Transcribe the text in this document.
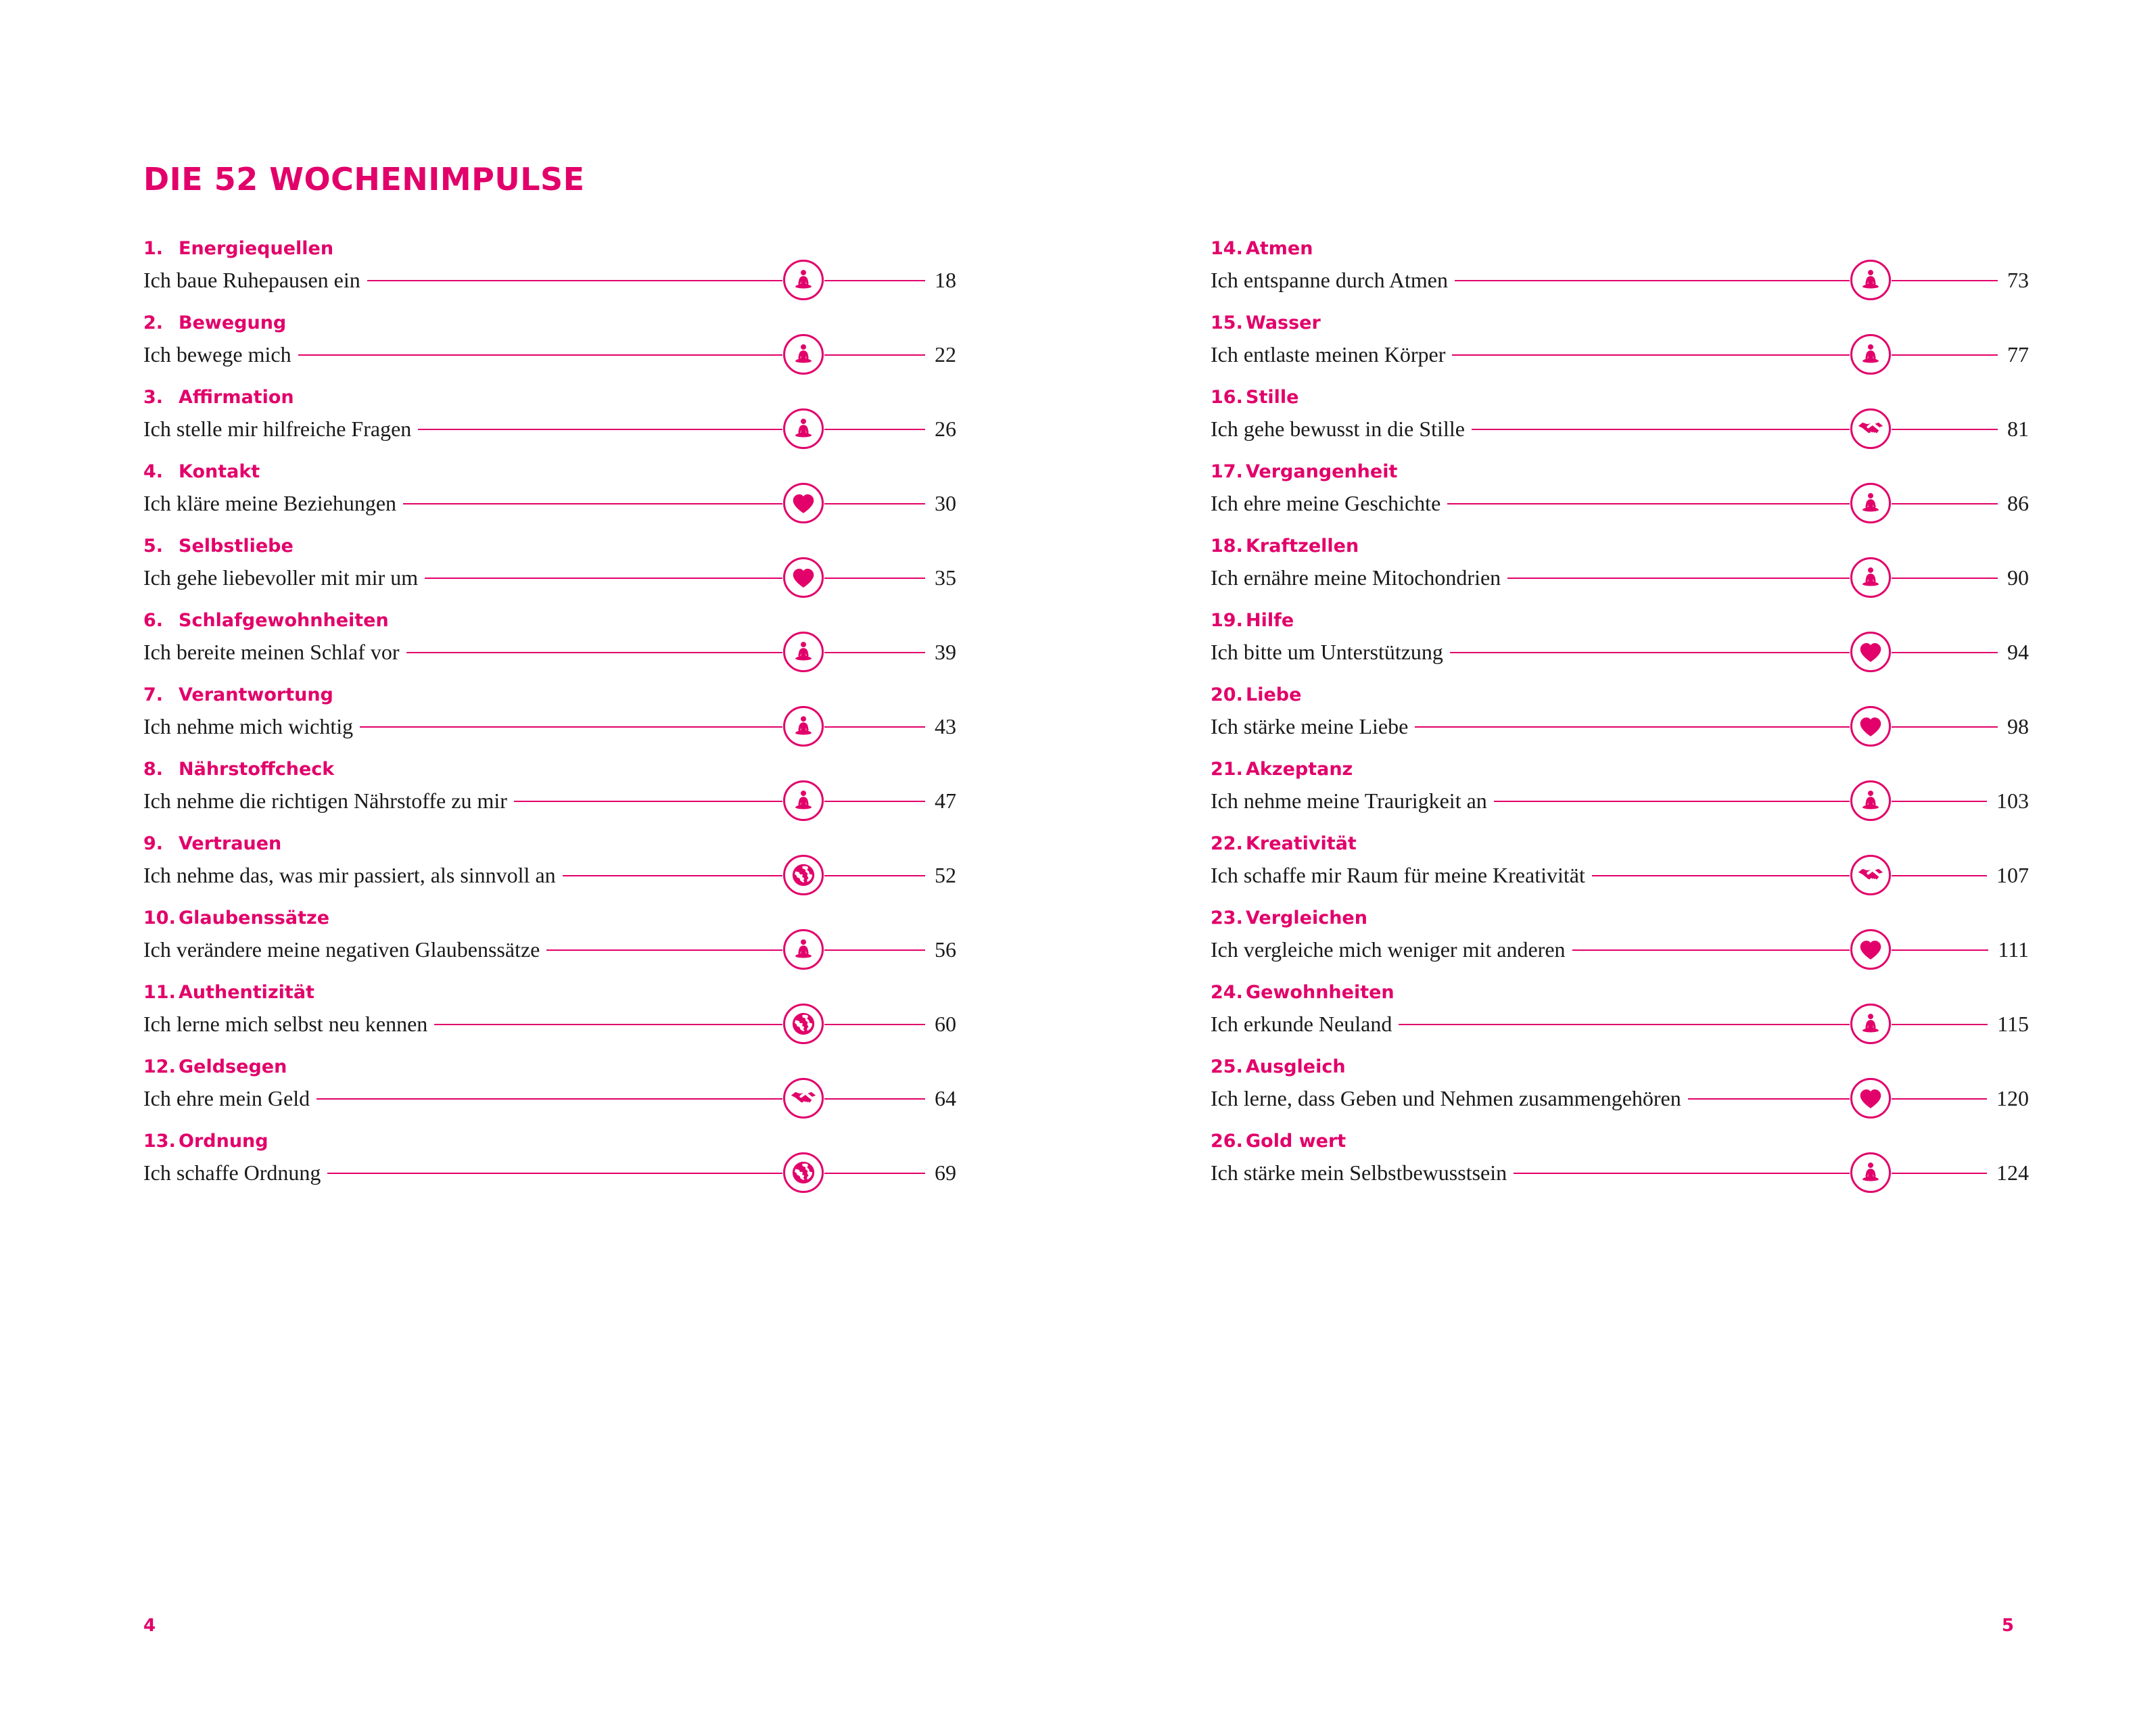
DIE 52 WOCHENIMPULSE
1. Energiequellen
Ich baue Ruhepausen ein	18
2. Bewegung
Ich bewege mich	22
3. Affirmation
Ich stelle mir hilfreiche Fragen	26
4. Kontakt
Ich kläre meine Beziehungen	30
5. Selbstliebe
Ich gehe liebevoller mit mir um	35
6. Schlafgewohnheiten
Ich bereite meinen Schlaf vor	39
7. Verantwortung
Ich nehme mich wichtig	43
8. Nährstoffcheck
Ich nehme die richtigen Nährstoffe zu mir	47
9. Vertrauen
Ich nehme das, was mir passiert, als sinnvoll an	52
10. Glaubenssätze
Ich verändere meine negativen Glaubenssätze	56
11. Authentizität
Ich lerne mich selbst neu kennen	60
12. Geldsegen
Ich ehre mein Geld	64
13. Ordnung
Ich schaffe Ordnung	69
14. Atmen
Ich entspanne durch Atmen	73
15. Wasser
Ich entlaste meinen Körper	77
16. Stille
Ich gehe bewusst in die Stille	81
17. Vergangenheit
Ich ehre meine Geschichte	86
18. Kraftzellen
Ich ernähre meine Mitochondrien	90
19. Hilfe
Ich bitte um Unterstützung	94
20. Liebe
Ich stärke meine Liebe	98
21. Akzeptanz
Ich nehme meine Traurigkeit an	103
22. Kreativität
Ich schaffe mir Raum für meine Kreativität	107
23. Vergleichen
Ich vergleiche mich weniger mit anderen	111
24. Gewohnheiten
Ich erkunde Neuland	115
25. Ausgleich
Ich lerne, dass Geben und Nehmen zusammengehören	120
26. Gold wert
Ich stärke mein Selbstbewusstsein	124
4	5
